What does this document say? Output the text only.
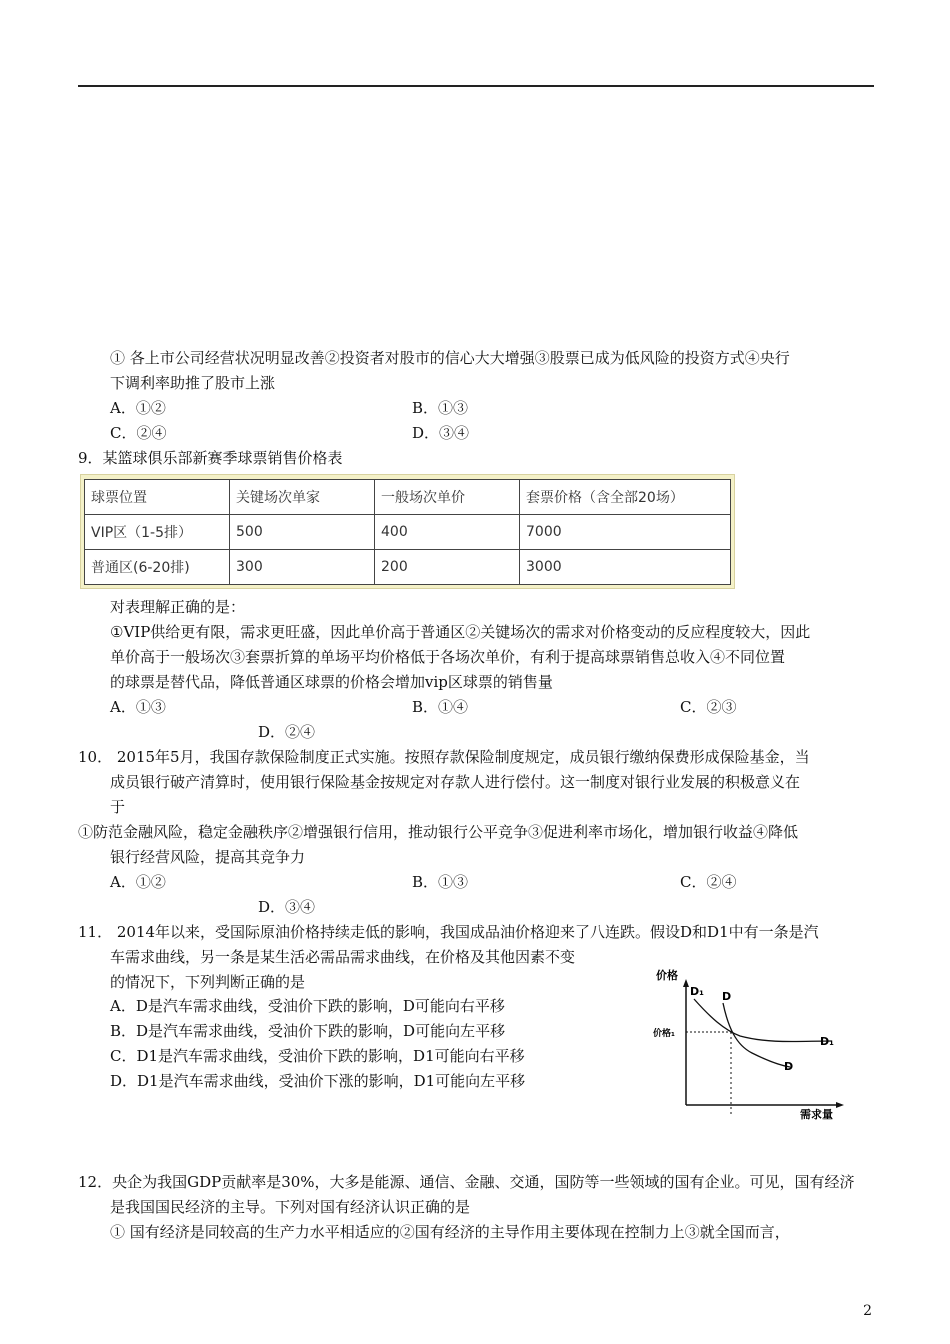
① 各上市公司经营状况明显改善②投资者对股市的信心大大增强③股票已成为低风险的投资方式④央行
下调利率助推了股市上涨
A．①②	B．①③
C．②④	D．③④
9．某篮球俱乐部新赛季球票销售价格表
球票位置	关键场次单家	一般场次单价	套票价格（含全部20场）
VIP区（1-5排）	500	400	7000
普通区(6-20排)	300	200	3000
对表理解正确的是：
①VIP供给更有限，需求更旺盛，因此单价高于普通区②关键场次的需求对价格变动的反应程度较大，因此
单价高于一般场次③套票折算的单场平均价格低于各场次单价，有利于提高球票销售总收入④不同位置
的球票是替代品，降低普通区球票的价格会增加vip区球票的销售量
A．①③	B．①④	C．②③
D．②④
10． 2015年5月，我国存款保险制度正式实施。按照存款保险制度规定，成员银行缴纳保费形成保险基金，当
成员银行破产清算时，使用银行保险基金按规定对存款人进行偿付。这一制度对银行业发展的积极意义在
于
①防范金融风险，稳定金融秩序②增强银行信用，推动银行公平竞争③促进利率市场化，增加银行收益④降低
银行经营风险，提高其竞争力
A．①②	B．①③	C．②④
D．③④
11． 2014年以来，受国际原油价格持续走低的影响，我国成品油价格迎来了八连跌。假设D和D1中有一条是汽
车需求曲线，另一条是某生活必需品需求曲线，在价格及其他因素不变
的情况下，下列判断正确的是
A．D是汽车需求曲线，受油价下跌的影响，D可能向右平移
B．D是汽车需求曲线，受油价下跌的影响，D可能向左平移
C．D1是汽车需求曲线，受油价下跌的影响，D1可能向右平移
D．D1是汽车需求曲线，受油价下涨的影响，D1可能向左平移
价格
需求量
价格₁
D₁ D
D₁
D
12．央企为我国GDP贡献率是30%，大多是能源、通信、金融、交通，国防等一些领域的国有企业。可见，国有经济
是我国国民经济的主导。下列对国有经济认识正确的是
① 国有经济是同较高的生产力水平相适应的②国有经济的主导作用主要体现在控制力上③就全国而言，
2
